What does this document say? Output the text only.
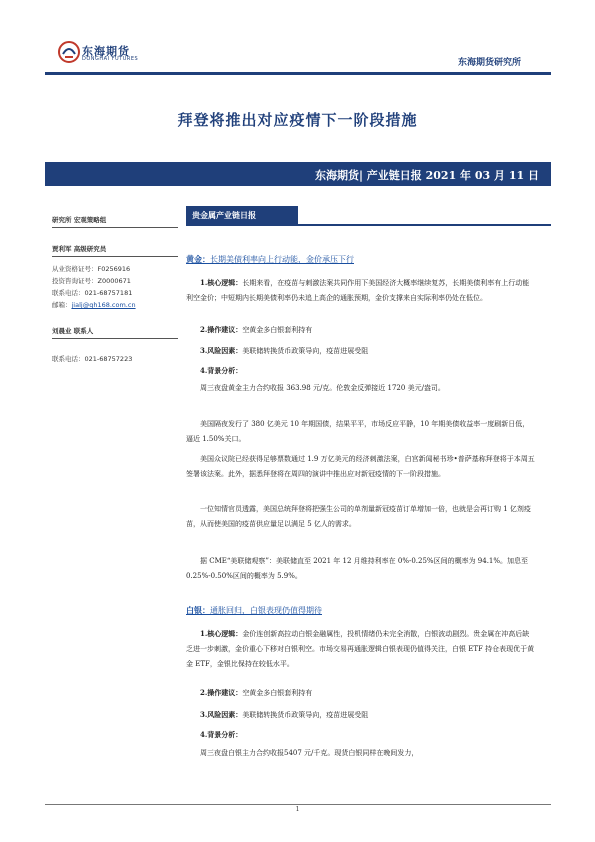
东海期货
DONGHAI FUTURES	东海期货研究所
拜登将推出对应疫情下一阶段措施
东海期货| 产业链日报 2021 年 03 月 11 日
研究所 宏观策略组
贾利军 高级研究员
从业资格证号：F0256916
投资咨询证号：Z0000671
联系电话：021-68757181
邮箱：jialj@qh168.com.cn
刘晨业 联系人
联系电话：021-68757223
贵金属产业链日报
黄金：长期美债利率向上行动能，金价承压下行
1.核心逻辑：长期来看，在疫苗与刺激法案共同作用下美国经济大概率继续复苏，长期美债利率有上行动能利空金价；中短期内长期美债利率仍未追上高企的通胀预期，金价支撑来自实际利率仍处在低位。
2.操作建议：空黄金多白银套利持有
3.风险因素：美联储转换货币政策导向，疫苗进展受阻
4.背景分析：
周三夜盘黄金主力合约收报 363.98 元/克。伦敦金反弹接近 1720 美元/盎司。
美国隔夜发行了 380 亿美元 10 年期国债，结果平平，市场反应平静，10 年期美债收益率一度刷新日低，逼近 1.50%关口。
美国众议院已经获得足够票数通过 1.9 万亿美元的经济刺激法案，白宫新闻秘书珍•普萨基称拜登将于本周五签署该法案。此外，据悉拜登将在周四的演讲中推出应对新冠疫情的下一阶段措施。
一位知情官员透露，美国总统拜登将把强生公司的单剂量新冠疫苗订单增加一倍，也就是会再订购 1 亿剂疫苗，从而使美国的疫苗供应量足以满足 5 亿人的需求。
据 CME“美联储观察”：美联储直至 2021 年 12 月维持利率在 0%-0.25%区间的概率为 94.1%。加息至 0.25%-0.50%区间的概率为 5.9%。
白银：通胀回归，白银表现仍值得期待
1.核心逻辑：金价连创新高拉动白银金融属性，投机情绪仍未完全消散，白银波动剧烈。贵金属在冲高后缺乏进一步刺激，金价重心下移对白银利空。市场交易再通胀逻辑白银表现仍值得关注，白银 ETF 持仓表现优于黄金 ETF，金银比保持在较低水平。
2.操作建议：空黄金多白银套利持有
3.风险因素：美联储转换货币政策导向，疫苗进展受阻
4.背景分析：
周三夜盘白银主力合约收报5407 元/千克。现货白银同样在晚间发力，
1
